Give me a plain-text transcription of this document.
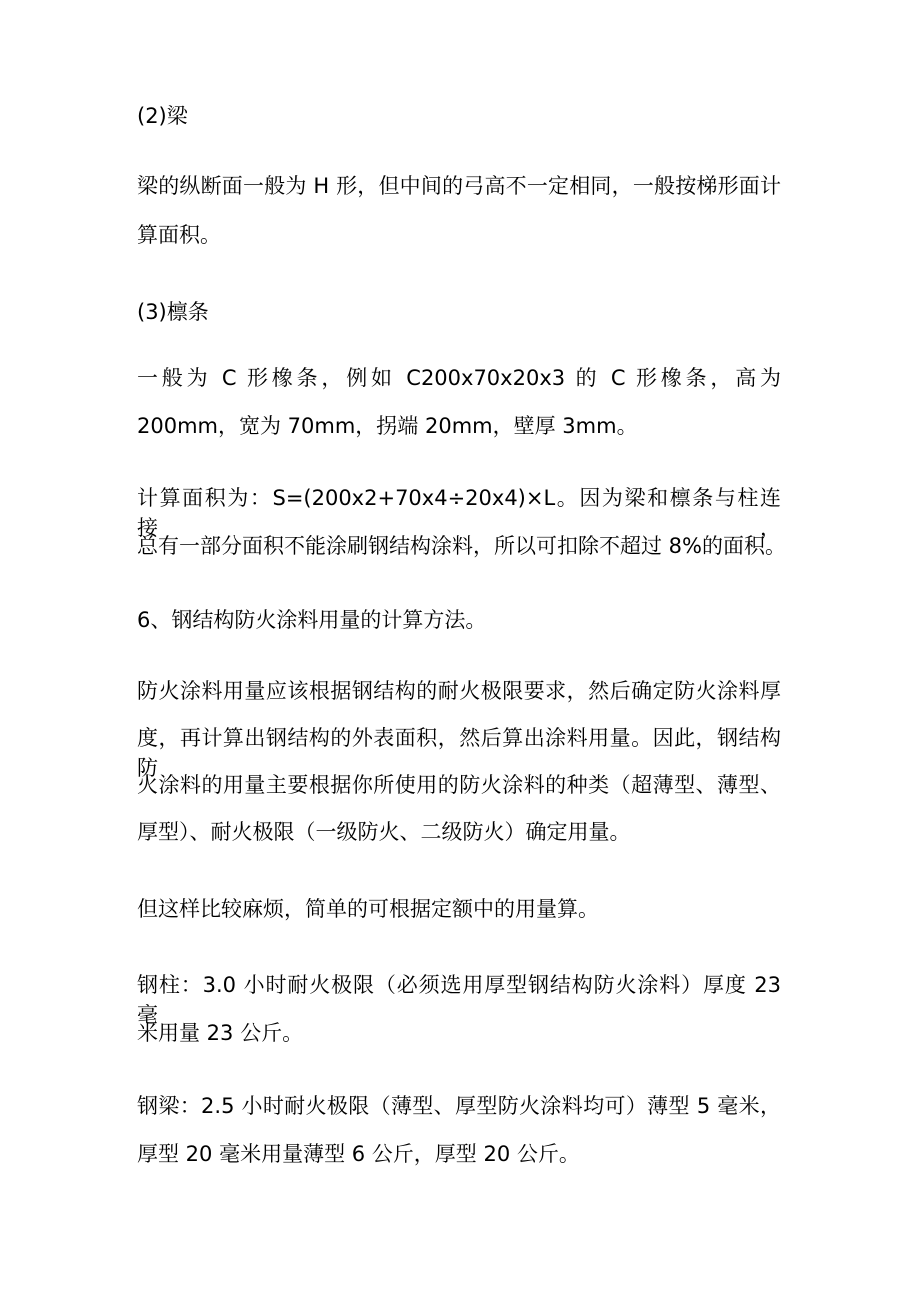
(2)梁
梁的纵断面一般为 H 形，但中间的弓高不一定相同，一般按梯形面计
算面积。
(3)檩条
一般为 C 形橡条，例如 C200x70x20x3 的 C 形橡条，高为
200mm，宽为 70mm，拐端 20mm，壁厚 3mm。
计算面积为：S=(200x2+70x4÷20x4)×L。因为梁和檩条与柱连接，
总有一部分面积不能涂刷钢结构涂料，所以可扣除不超过 8%的面积。
6、钢结构防火涂料用量的计算方法。
防火涂料用量应该根据钢结构的耐火极限要求，然后确定防火涂料厚
度，再计算出钢结构的外表面积，然后算出涂料用量。因此，钢结构防
火涂料的用量主要根据你所使用的防火涂料的种类（超薄型、薄型、
厚型）、耐火极限（一级防火、二级防火）确定用量。
但这样比较麻烦，简单的可根据定额中的用量算。
钢柱：3.0 小时耐火极限（必须选用厚型钢结构防火涂料）厚度 23 毫
米用量 23 公斤。
钢梁：2.5 小时耐火极限（薄型、厚型防火涂料均可）薄型 5 毫米，
厚型 20 毫米用量薄型 6 公斤，厚型 20 公斤。
